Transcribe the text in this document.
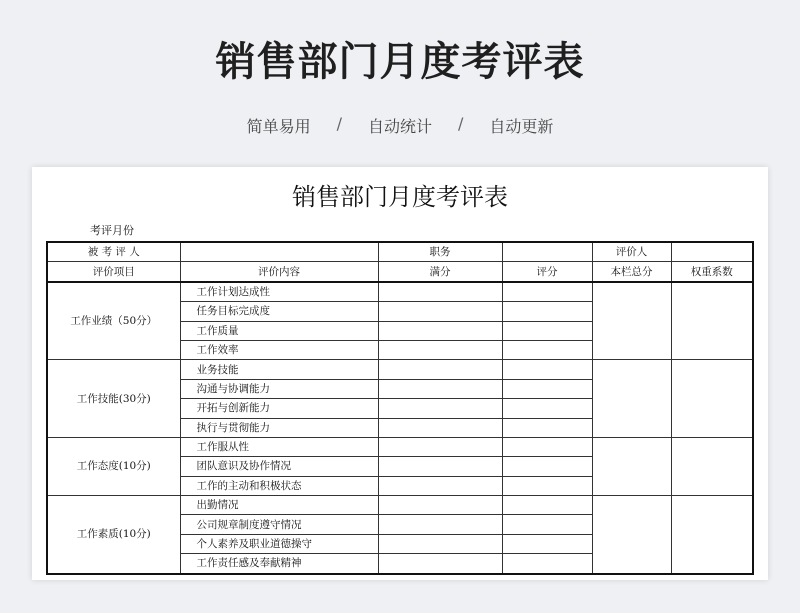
销售部门月度考评表
简单易用 / 自动统计 / 自动更新
销售部门月度考评表
考评月份
被 考 评 人		职务		评价人	
评价项目	评价内容	满分	评分	本栏总分	权重系数
工作业绩（50分）	工作计划达成性				
	任务目标完成度				
	工作质量				
	工作效率				
工作技能(30分)	业务技能				
	沟通与协调能力				
	开拓与创新能力				
	执行与贯彻能力				
工作态度(10分)	工作服从性				
	团队意识及协作情况				
	工作的主动和积极状态				
工作素质(10分)	出勤情况				
	公司规章制度遵守情况				
	个人素养及职业道德操守				
	工作责任感及奉献精神				
